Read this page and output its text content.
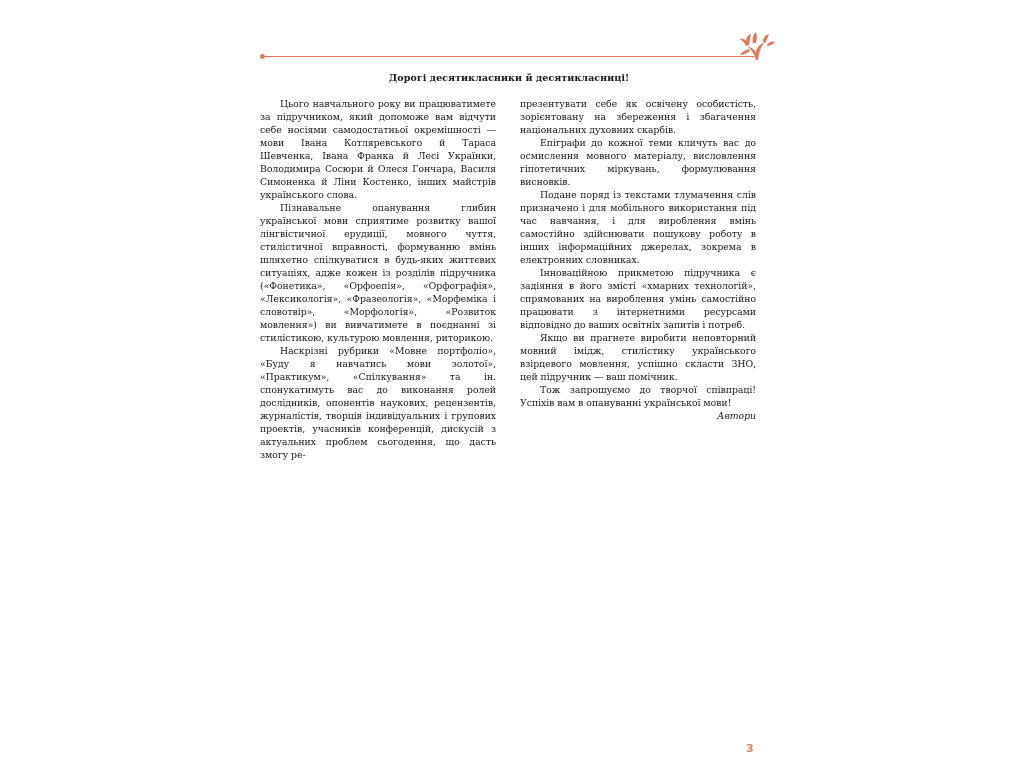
Дорогі десятикласники й десятикласниці!

Цього навчального року ви працюватимете за підручником, який допоможе вам відчути себе носіями самодостатньої окремішності — мови Івана Котляревського й Тараса Шевченка, Івана Франка й Лесі Українки, Володимира Сосюри й Олеся Гончара, Василя Симоненка й Ліни Костенко, інших майстрів українського слова.

Пізнавальне опанування глибин української мови сприятиме розвитку вашої лінгвістичної ерудиції, мовного чуття, стилістичної вправності, формуванню вмінь шляхетно спілкуватися в будь-яких життєвих ситуаціях, адже кожен із розділів підручника («Фонетика», «Орфоепія», «Орфографія», «Лексикологія», «Фразеологія», «Морфеміка і словотвір», «Морфологія», «Розвиток мовлення») ви вивчатимете в поєднанні зі стилістикою, культурою мовлення, риторикою.

Наскрізні рубрики «Мовне портфоліо», «Буду я навчатись мови золотої», «Практикум», «Спілкування» та ін. спонукатимуть вас до виконання ролей дослідників, опонентів наукових, рецензентів, журналістів, творців індивідуальних і групових проектів, учасників конференцій, дискусій з актуальних проблем сьогодення, що дасть змогу ре-

презентувати себе як освічену особистість, зорієнтовану на збереження і збагачення національних духовних скарбів.

Епіграфи до кожної теми кличуть вас до осмислення мовного матеріалу, висловлення гіпотетичних міркувань, формулювання висновків.

Подане поряд із текстами тлумачення слів призначено і для мобільного використання під час навчання, і для вироблення вмінь самостійно здійснювати пошукову роботу в інших інформаційних джерелах, зокрема в електронних словниках.

Інноваційною прикметою підручника є задіяння в його змісті «хмарних технологій», спрямованих на вироблення умінь самостійно працювати з інтернетними ресурсами відповідно до ваших освітніх запитів і потреб.

Якщо ви прагнете виробити неповторний мовний імідж, стилістику українського взірцевого мовлення, успішно скласти ЗНО, цей підручник — ваш помічник.

Тож запрошуємо до творчої співпраці! Успіхів вам в опануванні української мови!

Автори

3
